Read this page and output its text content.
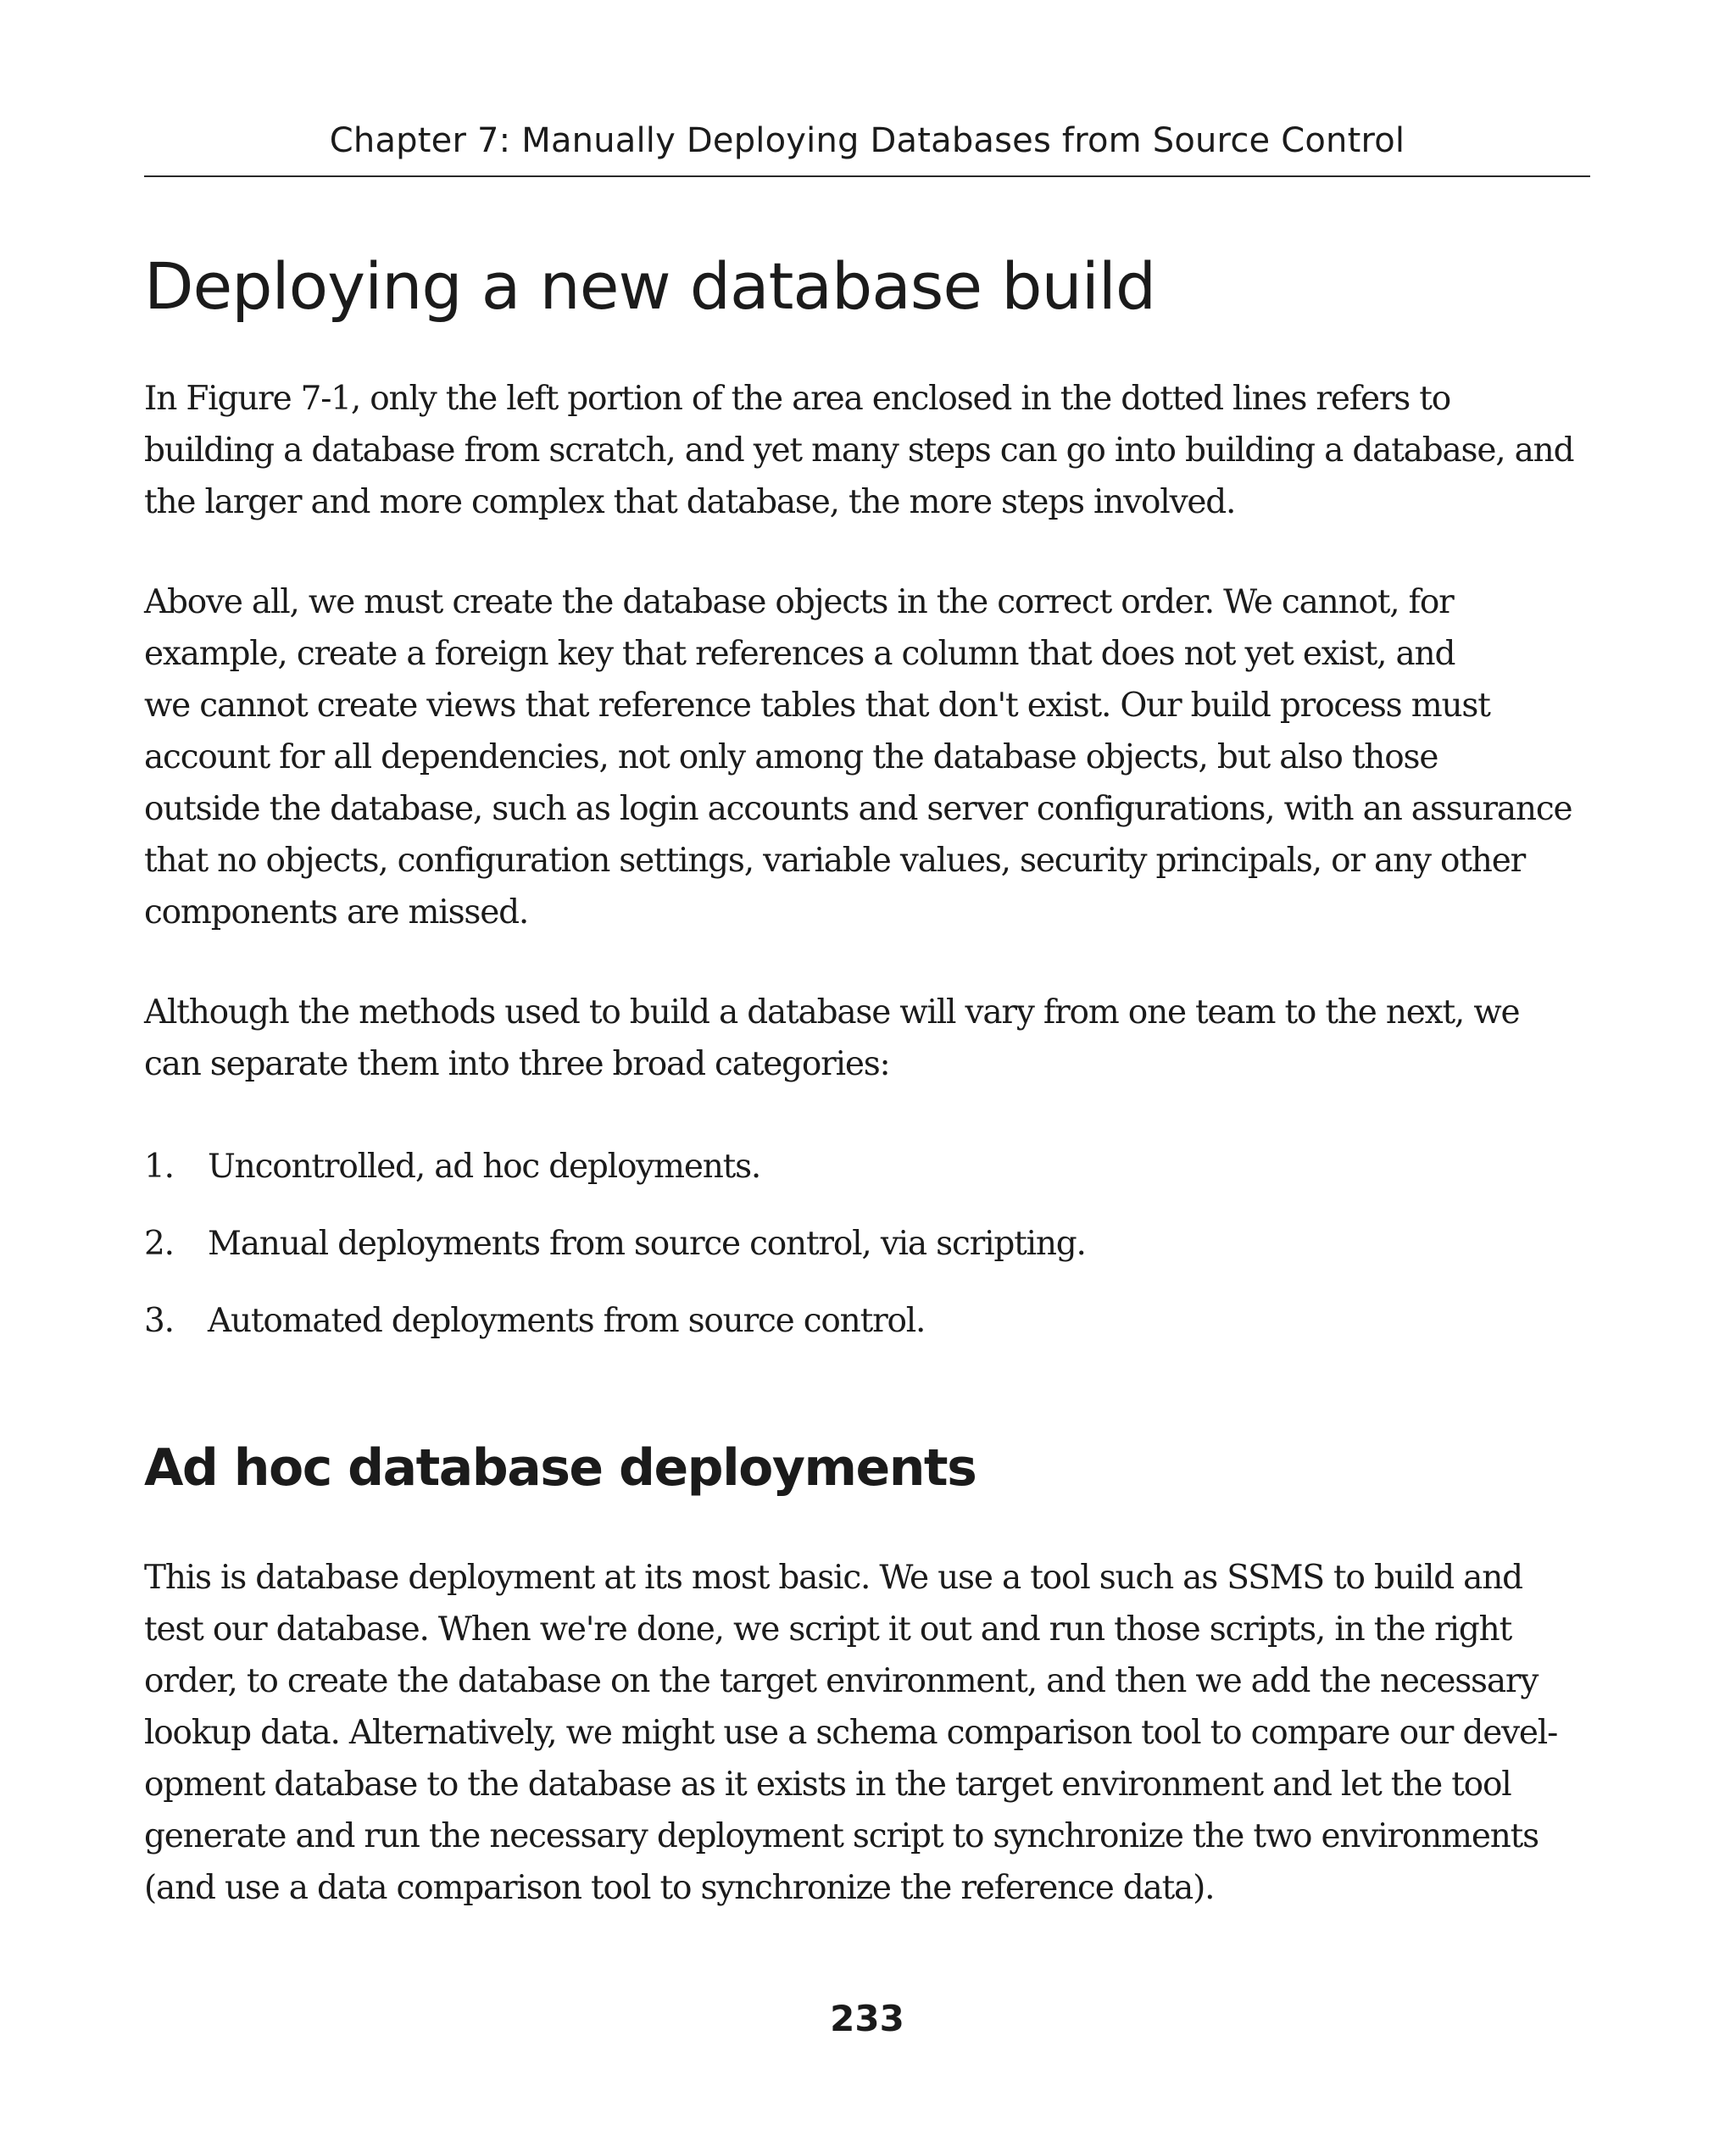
Chapter 7: Manually Deploying Databases from Source Control
Deploying a new database build

In Figure 7-1, only the left portion of the area enclosed in the dotted lines refers to
building a database from scratch, and yet many steps can go into building a database, and
the larger and more complex that database, the more steps involved.

Above all, we must create the database objects in the correct order. We cannot, for
example, create a foreign key that references a column that does not yet exist, and
we cannot create views that reference tables that don't exist. Our build process must
account for all dependencies, not only among the database objects, but also those
outside the database, such as login accounts and server configurations, with an assurance
that no objects, configuration settings, variable values, security principals, or any other
components are missed.

Although the methods used to build a database will vary from one team to the next, we
can separate them into three broad categories:

1. Uncontrolled, ad hoc deployments.
2. Manual deployments from source control, via scripting.
3. Automated deployments from source control.
Ad hoc database deployments

This is database deployment at its most basic. We use a tool such as SSMS to build and
test our database. When we're done, we script it out and run those scripts, in the right
order, to create the database on the target environment, and then we add the necessary
lookup data. Alternatively, we might use a schema comparison tool to compare our devel-
opment database to the database as it exists in the target environment and let the tool
generate and run the necessary deployment script to synchronize the two environments
(and use a data comparison tool to synchronize the reference data).

233
